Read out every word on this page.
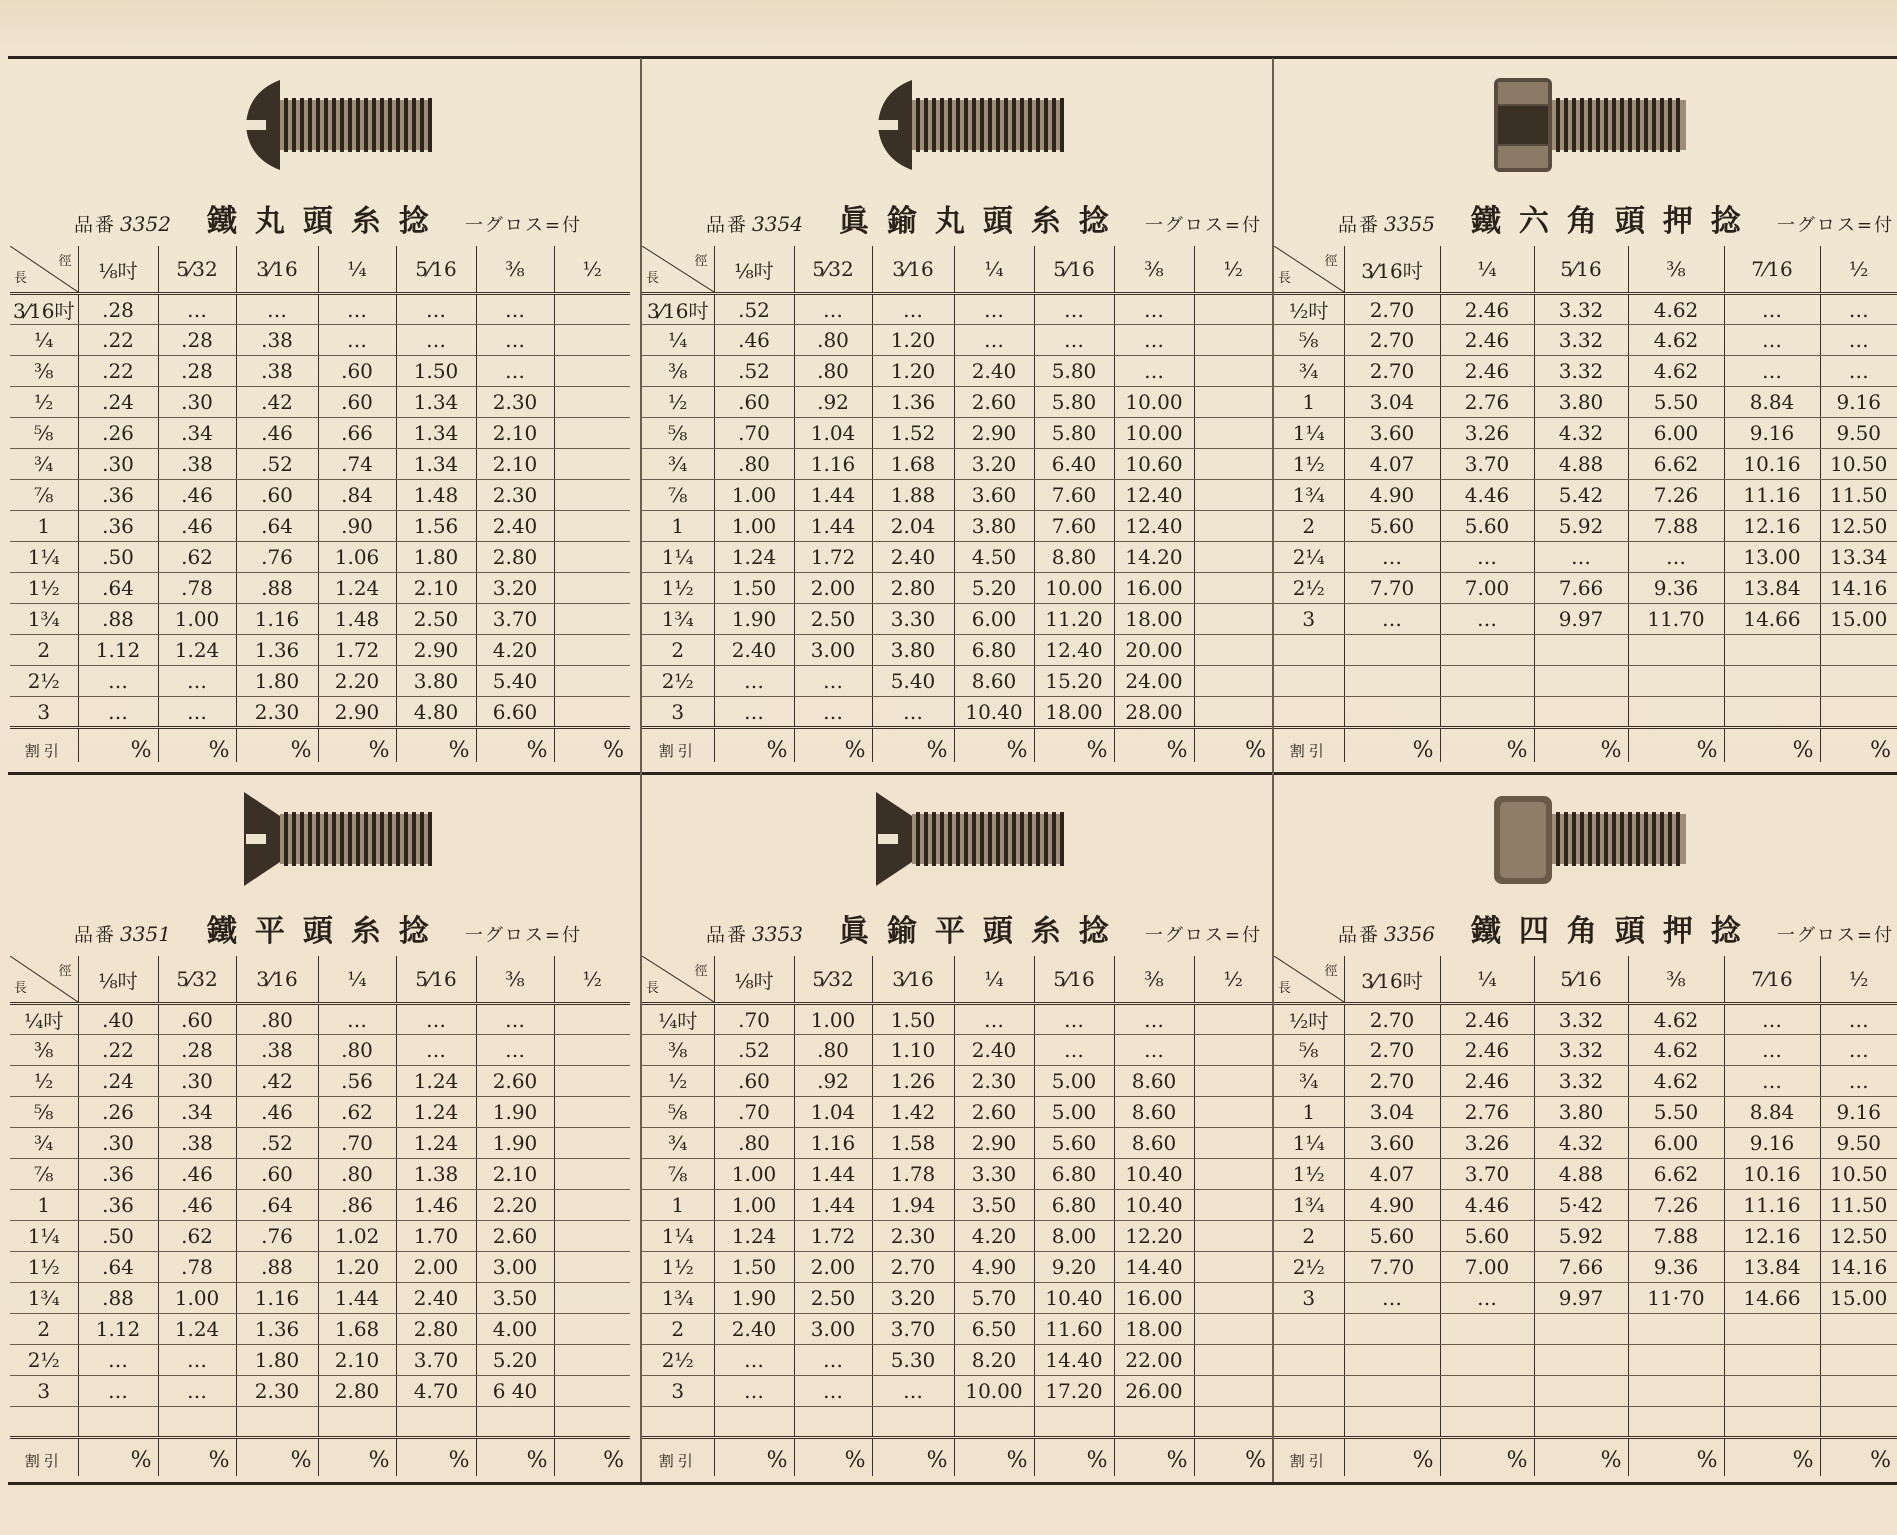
品番 3352 鐵丸頭糸捻 一グロス=付
長
徑	⅛吋	5⁄32	3⁄16	¼	5⁄16	⅜	½
3⁄16吋	.28	…	…	…	…	…	
¼	.22	.28	.38	…	…	…	
⅜	.22	.28	.38	.60	1.50	…	
½	.24	.30	.42	.60	1.34	2.30	
⅝	.26	.34	.46	.66	1.34	2.10	
¾	.30	.38	.52	.74	1.34	2.10	
⅞	.36	.46	.60	.84	1.48	2.30	
1	.36	.46	.64	.90	1.56	2.40	
1¼	.50	.62	.76	1.06	1.80	2.80	
1½	.64	.78	.88	1.24	2.10	3.20	
1¾	.88	1.00	1.16	1.48	2.50	3.70	
2	1.12	1.24	1.36	1.72	2.90	4.20	
2½	…	…	1.80	2.20	3.80	5.40	
3	…	…	2.30	2.90	4.80	6.60	
割引	%	%	%	%	%	%	%
品番 3354 眞鍮丸頭糸捻 一グロス=付
長
徑	⅛吋	5⁄32	3⁄16	¼	5⁄16	⅜	½
3⁄16吋	.52	…	…	…	…	…	
¼	.46	.80	1.20	…	…	…	
⅜	.52	.80	1.20	2.40	5.80	…	
½	.60	.92	1.36	2.60	5.80	10.00	
⅝	.70	1.04	1.52	2.90	5.80	10.00	
¾	.80	1.16	1.68	3.20	6.40	10.60	
⅞	1.00	1.44	1.88	3.60	7.60	12.40	
1	1.00	1.44	2.04	3.80	7.60	12.40	
1¼	1.24	1.72	2.40	4.50	8.80	14.20	
1½	1.50	2.00	2.80	5.20	10.00	16.00	
1¾	1.90	2.50	3.30	6.00	11.20	18.00	
2	2.40	3.00	3.80	6.80	12.40	20.00	
2½	…	…	5.40	8.60	15.20	24.00	
3	…	…	…	10.40	18.00	28.00	
割引	%	%	%	%	%	%	%
品番 3355 鐵六角頭押捻 一グロス=付
長
徑	3⁄16吋	¼	5⁄16	⅜	7⁄16	½
½吋	2.70	2.46	3.32	4.62	…	…
⅝	2.70	2.46	3.32	4.62	…	…
¾	2.70	2.46	3.32	4.62	…	…
1	3.04	2.76	3.80	5.50	8.84	9.16
1¼	3.60	3.26	4.32	6.00	9.16	9.50
1½	4.07	3.70	4.88	6.62	10.16	10.50
1¾	4.90	4.46	5.42	7.26	11.16	11.50
2	5.60	5.60	5.92	7.88	12.16	12.50
2¼	…	…	…	…	13.00	13.34
2½	7.70	7.00	7.66	9.36	13.84	14.16
3	…	…	9.97	11.70	14.66	15.00

割引	%	%	%	%	%	%
品番 3351 鐵平頭糸捻 一グロス=付
長
徑	⅛吋	5⁄32	3⁄16	¼	5⁄16	⅜	½
¼吋	.40	.60	.80	…	…	…	
⅜	.22	.28	.38	.80	…	…	
½	.24	.30	.42	.56	1.24	2.60	
⅝	.26	.34	.46	.62	1.24	1.90	
¾	.30	.38	.52	.70	1.24	1.90	
⅞	.36	.46	.60	.80	1.38	2.10	
1	.36	.46	.64	.86	1.46	2.20	
1¼	.50	.62	.76	1.02	1.70	2.60	
1½	.64	.78	.88	1.20	2.00	3.00	
1¾	.88	1.00	1.16	1.44	2.40	3.50	
2	1.12	1.24	1.36	1.68	2.80	4.00	
2½	…	…	1.80	2.10	3.70	5.20	
3	…	…	2.30	2.80	4.70	6 40	

割引	%	%	%	%	%	%	%
品番 3353 眞鍮平頭糸捻 一グロス=付
長
徑	⅛吋	5⁄32	3⁄16	¼	5⁄16	⅜	½
¼吋	.70	1.00	1.50	…	…	…	
⅜	.52	.80	1.10	2.40	…	…	
½	.60	.92	1.26	2.30	5.00	8.60	
⅝	.70	1.04	1.42	2.60	5.00	8.60	
¾	.80	1.16	1.58	2.90	5.60	8.60	
⅞	1.00	1.44	1.78	3.30	6.80	10.40	
1	1.00	1.44	1.94	3.50	6.80	10.40	
1¼	1.24	1.72	2.30	4.20	8.00	12.20	
1½	1.50	2.00	2.70	4.90	9.20	14.40	
1¾	1.90	2.50	3.20	5.70	10.40	16.00	
2	2.40	3.00	3.70	6.50	11.60	18.00	
2½	…	…	5.30	8.20	14.40	22.00	
3	…	…	…	10.00	17.20	26.00	

割引	%	%	%	%	%	%	%
品番 3356 鐵四角頭押捻 一グロス=付
長
徑	3⁄16吋	¼	5⁄16	⅜	7⁄16	½
½吋	2.70	2.46	3.32	4.62	…	…
⅝	2.70	2.46	3.32	4.62	…	…
¾	2.70	2.46	3.32	4.62	…	…
1	3.04	2.76	3.80	5.50	8.84	9.16
1¼	3.60	3.26	4.32	6.00	9.16	9.50
1½	4.07	3.70	4.88	6.62	10.16	10.50
1¾	4.90	4.46	5·42	7.26	11.16	11.50
2	5.60	5.60	5.92	7.88	12.16	12.50
2½	7.70	7.00	7.66	9.36	13.84	14.16
3	…	…	9.97	11·70	14.66	15.00

割引	%	%	%	%	%	%
